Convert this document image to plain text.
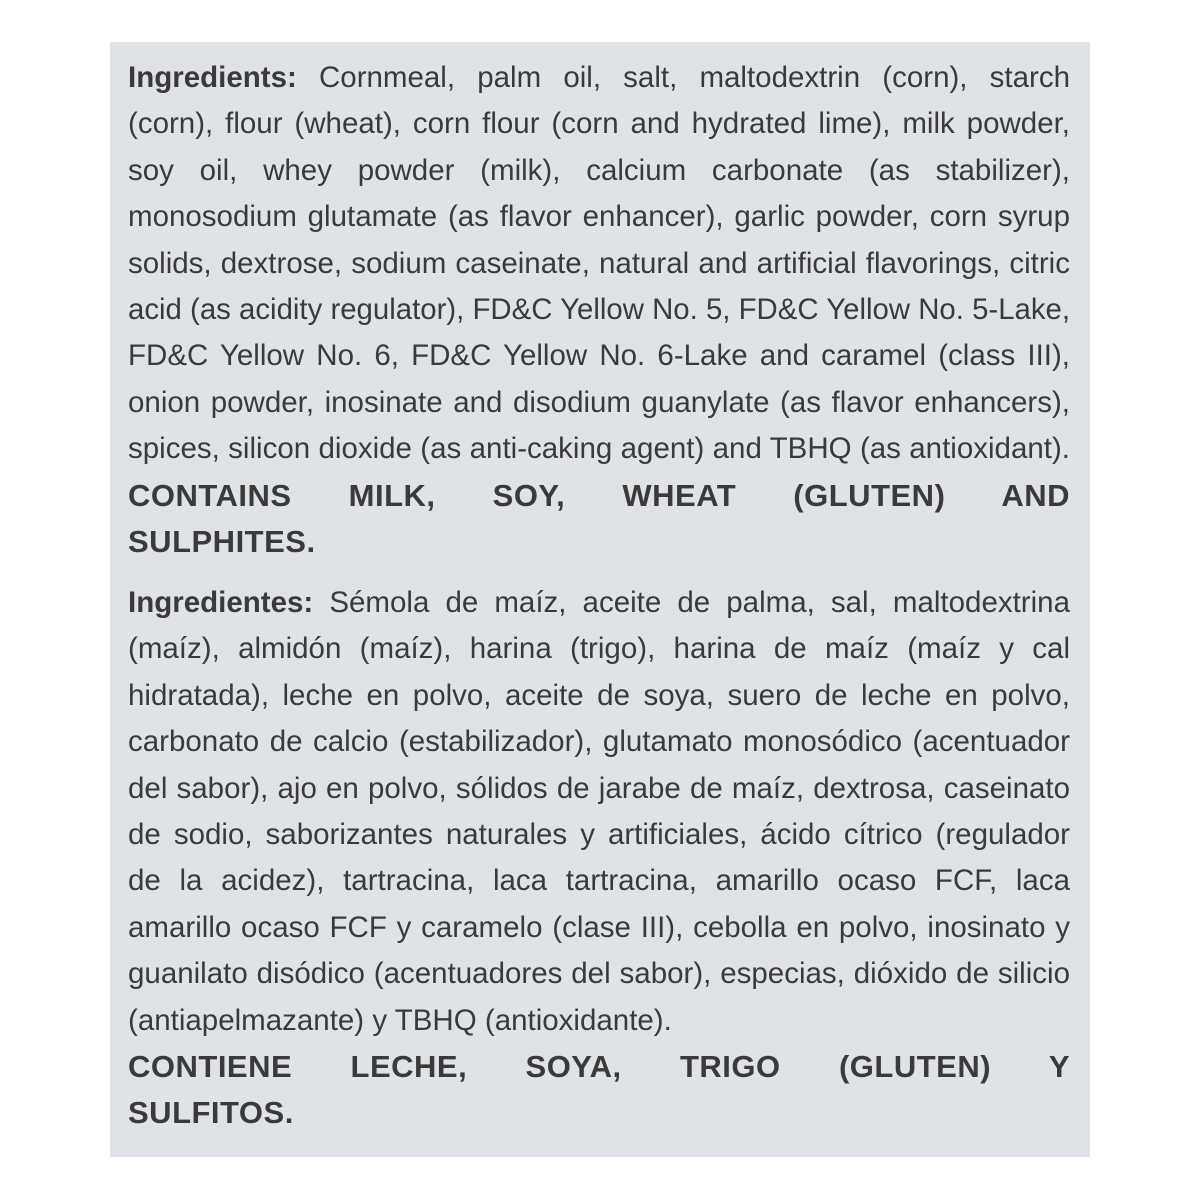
Ingredients: Cornmeal, palm oil, salt, maltodextrin (corn), starch
(corn), flour (wheat), corn flour (corn and hydrated lime), milk powder,
soy oil, whey powder (milk), calcium carbonate (as stabilizer),
monosodium glutamate (as flavor enhancer), garlic powder, corn syrup
solids, dextrose, sodium caseinate, natural and artificial flavorings, citric
acid (as acidity regulator), FD&C Yellow No. 5, FD&C Yellow No. 5-Lake,
FD&C Yellow No. 6, FD&C Yellow No. 6-Lake and caramel (class III),
onion powder, inosinate and disodium guanylate (as flavor enhancers),
spices, silicon dioxide (as anti-caking agent) and TBHQ (as antioxidant).
CONTAINS MILK, SOY, WHEAT (GLUTEN) AND
SULPHITES.
Ingredientes: Sémola de maíz, aceite de palma, sal, maltodextrina
(maíz), almidón (maíz), harina (trigo), harina de maíz (maíz y cal
hidratada), leche en polvo, aceite de soya, suero de leche en polvo,
carbonato de calcio (estabilizador), glutamato monosódico (acentuador
del sabor), ajo en polvo, sólidos de jarabe de maíz, dextrosa, caseinato
de sodio, saborizantes naturales y artificiales, ácido cítrico (regulador
de la acidez), tartracina, laca tartracina, amarillo ocaso FCF, laca
amarillo ocaso FCF y caramelo (clase III), cebolla en polvo, inosinato y
guanilato disódico (acentuadores del sabor), especias, dióxido de silicio
(antiapelmazante) y TBHQ (antioxidante).
CONTIENE LECHE, SOYA, TRIGO (GLUTEN) Y
SULFITOS.
